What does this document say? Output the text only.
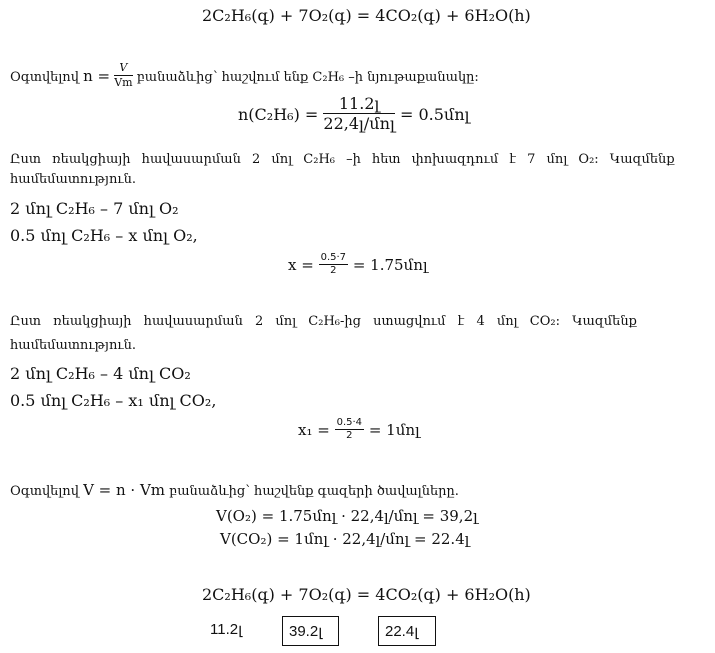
2C₂H₆(գ) + 7O₂(գ) = 4CO₂(գ) + 6H₂O(հ)
Օգտվելով $n = \frac{V}{Vm}$ բանաձևից՝ հաշվում ենք C₂H₆ –ի նյութաքանակը:
$n(C_2H_6) = \frac{\text{11.2լ}}{\text{22,4լ/մոլ}}$ = 0.5մոլ
Ըստ ռեակցիայի հավասարման 2 մոլ C₂H₆ –ի հետ փոխազդում է 7 մոլ O₂: Կազմենք
համեմատություն.
2 մոլ C₂H₆ – 7 մոլ O₂
0.5 մոլ C₂H₆ – x մոլ O₂,
$x = \frac{0.5\cdot 7}{2}$ = 1.75մոլ
Ըստ ռեակցիայի հավասարման 2 մոլ C₂H₆-ից ստացվում է 4 մոլ CO₂: Կազմենք
համեմատություն.
2 մոլ C₂H₆ – 4 մոլ CO₂
0.5 մոլ C₂H₆ – x₁ մոլ CO₂,
$x_1 = \frac{0.5\cdot 4}{2}$ = 1մոլ
Օգտվելով V = n · Vm բանաձևից՝ հաշվենք գազերի ծավալները.
V(O₂) = 1.75մոլ · 22,4լ/մոլ = 39,2լ
V(CO₂) = 1մոլ · 22,4լ/մոլ = 22.4լ
2C₂H₆(գ) + 7O₂(գ) = 4CO₂(գ) + 6H₂O(հ)
11.2լ	39.2լ	22.4լ
